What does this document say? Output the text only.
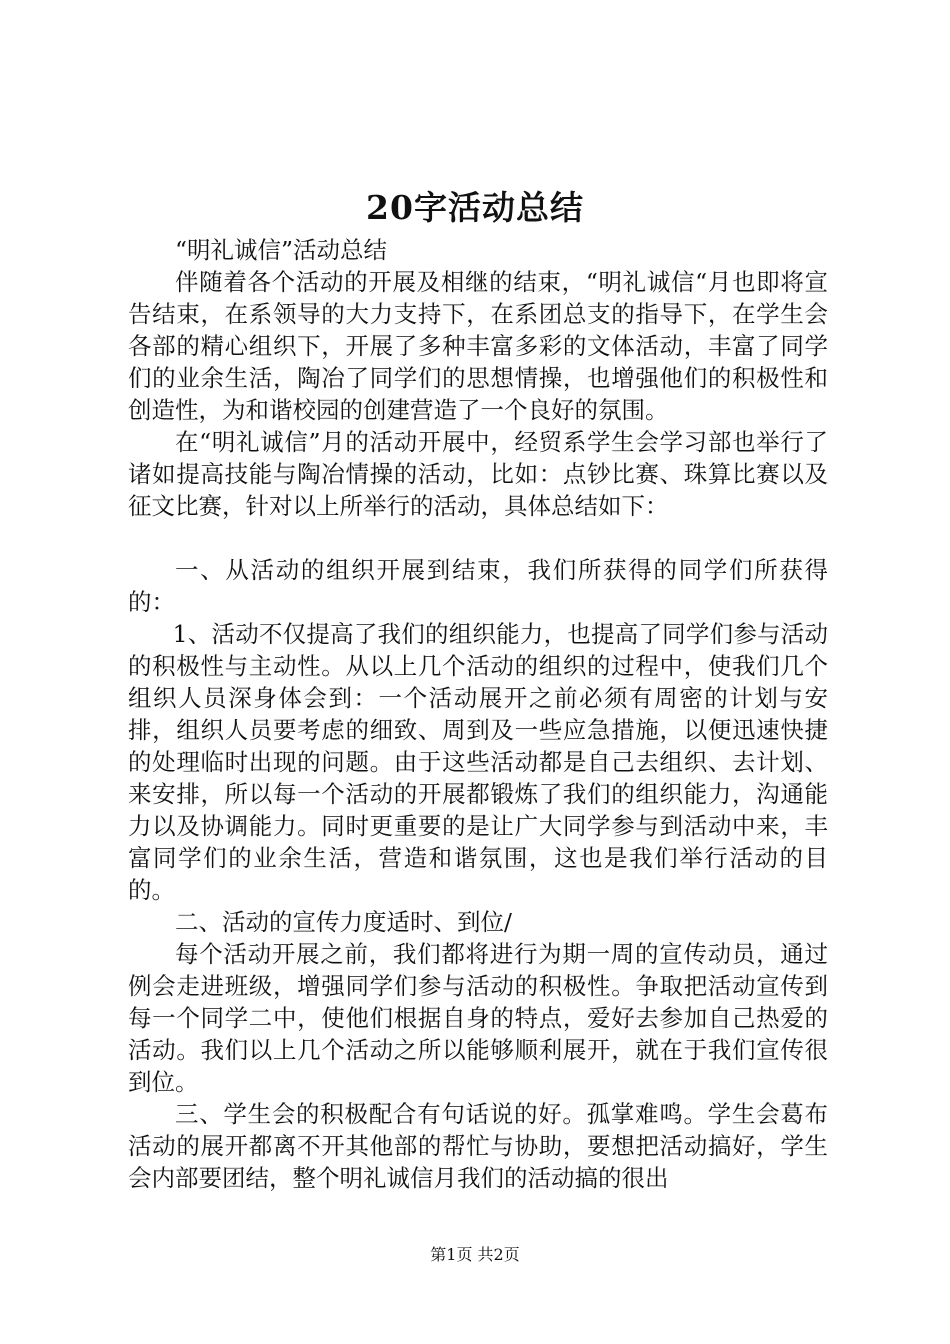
20字活动总结

“明礼诚信”活动总结

伴随着各个活动的开展及相继的结束，“明礼诚信“月也即将宣告结束，在系领导的大力支持下，在系团总支的指导下，在学生会各部的精心组织下，开展了多种丰富多彩的文体活动，丰富了同学们的业余生活，陶冶了同学们的思想情操，也增强他们的积极性和创造性，为和谐校园的创建营造了一个良好的氛围。

在“明礼诚信”月的活动开展中，经贸系学生会学习部也举行了诸如提高技能与陶冶情操的活动，比如：点钞比赛、珠算比赛以及征文比赛，针对以上所举行的活动，具体总结如下：

一、从活动的组织开展到结束，我们所获得的同学们所获得的：

1、活动不仅提高了我们的组织能力，也提高了同学们参与活动的积极性与主动性。从以上几个活动的组织的过程中，使我们几个组织人员深身体会到：一个活动展开之前必须有周密的计划与安排，组织人员要考虑的细致、周到及一些应急措施，以便迅速快捷的处理临时出现的问题。由于这些活动都是自己去组织、去计划、来安排，所以每一个活动的开展都锻炼了我们的组织能力，沟通能力以及协调能力。同时更重要的是让广大同学参与到活动中来，丰富同学们的业余生活，营造和谐氛围，这也是我们举行活动的目的。

二、活动的宣传力度适时、到位/

每个活动开展之前，我们都将进行为期一周的宣传动员，通过例会走进班级，增强同学们参与活动的积极性。争取把活动宣传到每一个同学二中，使他们根据自身的特点，爱好去参加自己热爱的活动。我们以上几个活动之所以能够顺利展开，就在于我们宣传很到位。

三、学生会的积极配合有句话说的好。孤掌难鸣。学生会葛布活动的展开都离不开其他部的帮忙与协助，要想把活动搞好，学生会内部要团结，整个明礼诚信月我们的活动搞的很出

第1页 共2页
